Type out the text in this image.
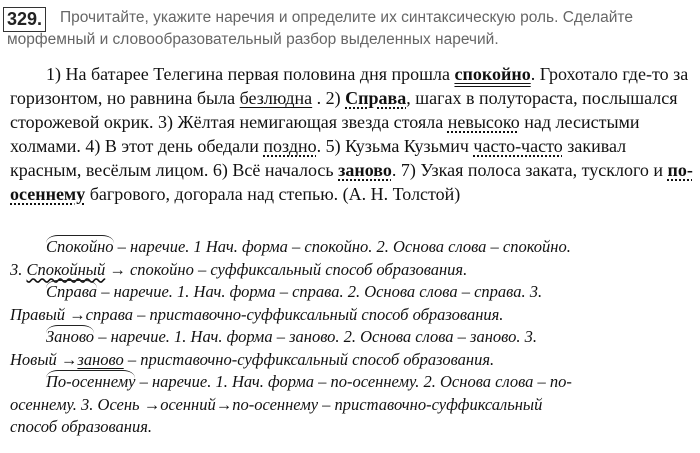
329. Прочитайте, укажите наречия и определите их синтаксическую роль. Сделайте
морфемный и словообразовательный разбор выделенных наречий.
1) На батарее Телегина первая половина дня прошла спокойно. Грохотало где-то за горизонтом, но равнина была безлюдна . 2) Справа, шагах в полутораста, послышался сторожевой окрик. 3) Жёлтая немигающая звезда стояла невысоко над лесистыми холмами. 4) В этот день обедали поздно. 5) Кузьма Кузьмич часто-часто закивал красным, весёлым лицом. 6) Всё началось заново. 7) Узкая полоса заката, тусклого и по-осеннему багрового, догорала над степью. (А. Н. Толстой)
Спокойно – наречие. 1 Нач. форма – спокойно. 2. Основа слова – спокойно.
3. Спокойный → спокойно – суффиксальный способ образования.
Справа – наречие. 1. Нач. форма – справа. 2. Основа слова – справа. 3.
Правый →справа – приставочно-суффиксальный способ образования.
Заново – наречие. 1. Нач. форма – заново. 2. Основа слова – заново. 3.
Новый →заново – приставочно-суффиксальный способ образования.
По-осеннему – наречие. 1. Нач. форма – по-осеннему. 2. Основа слова – по-
осеннему. 3. Осень →осенний→по-осеннему – приставочно-суффиксальный
способ образования.
